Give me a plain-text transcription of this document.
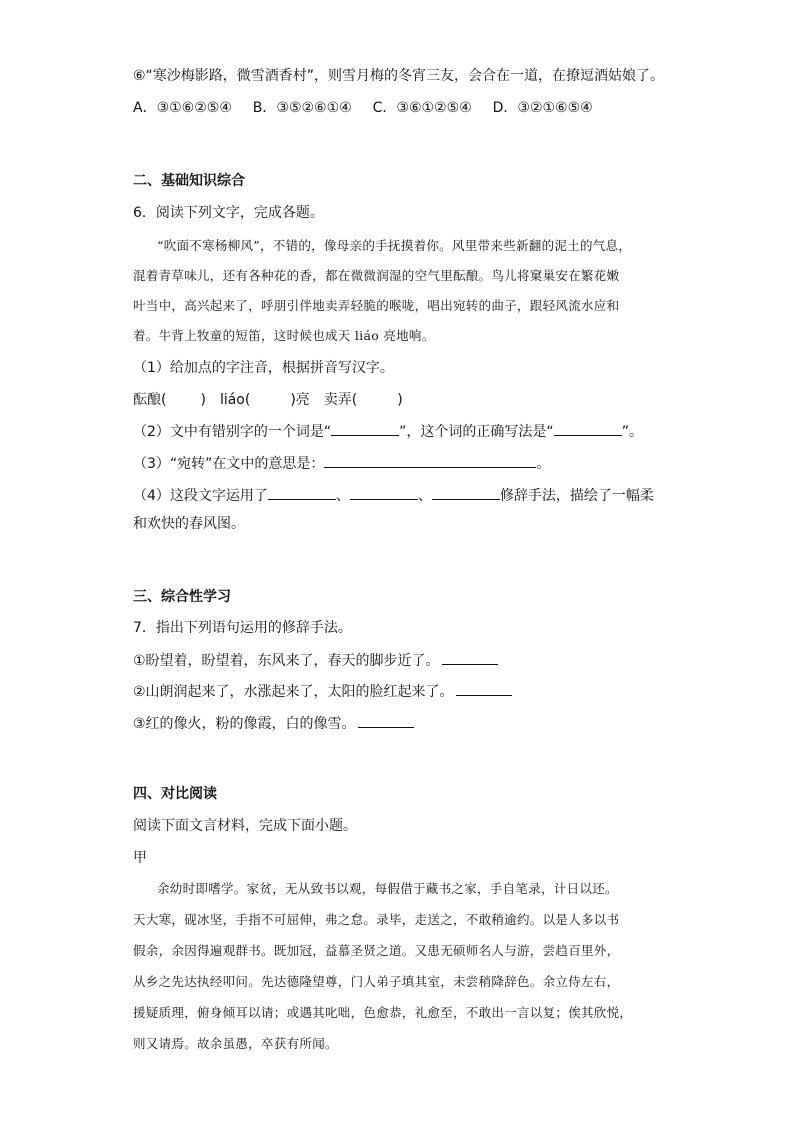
⑥“寒沙梅影路，微雪酒香村”，则雪月梅的冬宵三友，会合在一道，在撩逗酒姑娘了。
A．③①⑥②⑤④ B．③⑤②⑥①④ C．③⑥①②⑤④ D．③②①⑥⑤④
二、基础知识综合
6．阅读下列文字，完成各题。
“吹面不寒杨柳风”，不错的，像母亲的手抚摸着你。风里带来些新翻的泥土的气息，
混着青草味儿，还有各种花的香，都在微微润湿的空气里酝酿。鸟儿将窠巢安在繁花嫩
叶当中，高兴起来了，呼朋引伴地卖弄轻脆的喉咙，唱出宛转的曲子，跟轻风流水应和
着。牛背上牧童的短笛，这时候也成天 liáo 亮地响。
（1）给加点的字注音，根据拼音写汉字。
酝酿( ) liáo(	)亮 卖弄(	)
（2）文中有错别字的一个词是“	”，这个词的正确写法是“	”。
（3）“宛转”在文中的意思是：	。
（4）这段文字运用了	、	、	修辞手法，描绘了一幅柔
和欢快的春风图。
三、综合性学习
7．指出下列语句运用的修辞手法。
①盼望着，盼望着，东风来了，春天的脚步近了。
②山朗润起来了，水涨起来了，太阳的脸红起来了。
③红的像火，粉的像霞，白的像雪。
四、对比阅读
阅读下面文言材料，完成下面小题。
甲
余幼时即嗜学。家贫，无从致书以观，每假借于藏书之家，手自笔录，计日以还。
天大寒，砚冰坚，手指不可屈伸，弗之怠。录毕，走送之，不敢稍逾约。以是人多以书
假余，余因得遍观群书。既加冠，益慕圣贤之道。又患无硕师名人与游，尝趋百里外，
从乡之先达执经叩问。先达德隆望尊，门人弟子填其室，未尝稍降辞色。余立侍左右，
援疑质理，俯身倾耳以请；或遇其叱咄，色愈恭，礼愈至，不敢出一言以复；俟其欣悦，
则又请焉。故余虽愚，卒获有所闻。
